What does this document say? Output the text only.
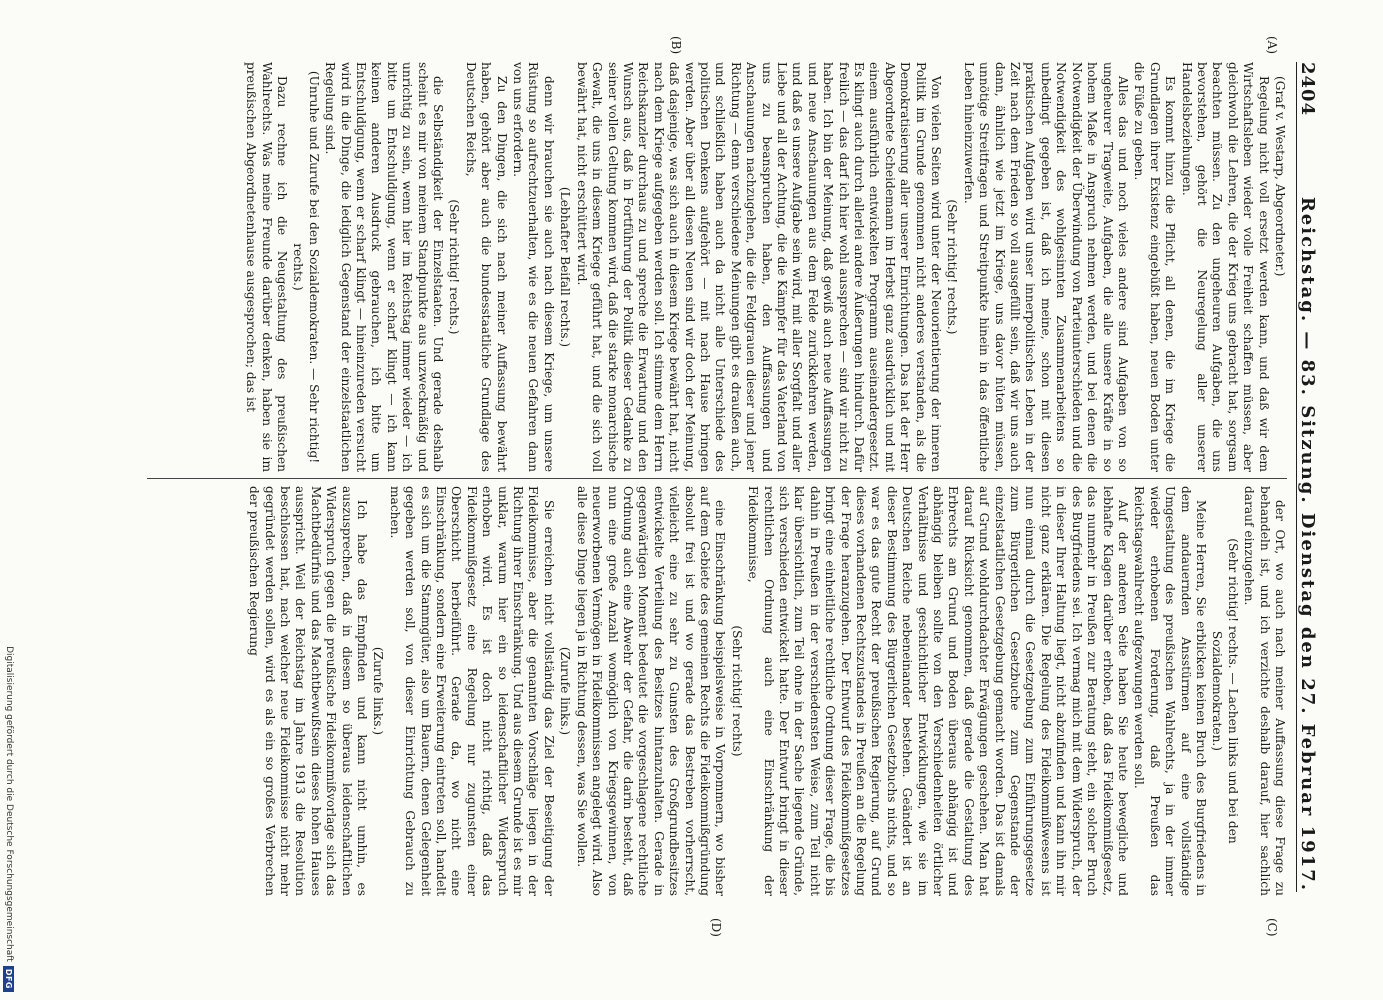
2404
Reichstag. — 83. Sitzung. Dienstag den 27. Februar 1917.
(A)
(B)
(C)
(D)

(Graf v. Westarp, Abgeordneter.)

Regelung nicht voll ersetzt werden kann, und daß wir dem Wirtschaftsleben wieder volle Freiheit schaffen müssen, aber gleichwohl die Lehren, die der Krieg uns gebracht hat, sorgsam beachten müssen. Zu den ungeheuren Aufgaben, die uns bevorstehen, gehört die Neuregelung aller unserer Handelsbeziehungen.

Es kommt hinzu die Pflicht, all denen, die im Kriege die Grundlagen ihrer Existenz eingebüßt haben, neuen Boden unter die Füße zu geben.

Alles das und noch vieles andere sind Aufgaben von so ungeheurer Tragweite, Aufgaben, die alle unsere Kräfte in so hohem Maße in Anspruch nehmen werden, und bei denen die Notwendigkeit der Überwindung von Parteiunterschieden und die Notwendigkeit des wohlgesinnten Zusammenarbeitens so unbedingt gegeben ist, daß ich meine, schon mit diesen praktischen Aufgaben wird unser innerpolitisches Leben in der Zeit nach dem Frieden so voll ausgefüllt sein, daß wir uns auch dann, ähnlich wie jetzt im Kriege, uns davor hüten müssen, unnötige Streitfragen und Streitpunkte hinein in das öffentliche Leben hineinzuwerfen.

(Sehr richtig! rechts.)

Von vielen Seiten wird unter der Neuorientierung der inneren Politik im Grunde genommen nicht anderes verstanden, als die Demokratisierung aller unserer Einrichtungen. Das hat der Herr Abgeordnete Scheidemann im Herbst ganz ausdrücklich und mit einem ausführlich entwickelten Programm auseinandergesetzt. Es klingt auch durch allerlei andere Äußerungen hindurch. Dafür freilich — das darf ich hier wohl aussprechen — sind wir nicht zu haben. Ich bin der Meinung, daß gewiß auch neue Auffassungen und neue Anschauungen aus dem Felde zurückkehren werden, und daß es unsere Aufgabe sein wird, mit aller Sorgfalt und aller Liebe und all der Achtung, die die Kämpfer für das Vaterland von uns zu beanspruchen haben, den Auffassungen und Anschauungen nachzugehen, die die Feldgrauen dieser und jener Richtung — denn verschiedene Meinungen gibt es draußen auch, und schließlich haben auch da nicht alle Unterschiede des politischen Denkens aufgehört — mit nach Hause bringen werden. Aber über all diesen Neuen sind wir doch der Meinung, daß dasjenige, was sich auch in diesem Kriege bewährt hat, nicht nach dem Kriege aufgegeben werden soll. Ich stimme dem Herrn Reichskanzler durchaus zu und spreche die Erwartung und den Wunsch aus, daß in Fortführung der Politik dieser Gedanke zu seiner vollen Geltung kommen wird, daß die starke monarchische Gewalt, die uns in diesem Kriege geführt hat, und die sich voll bewährt hat, nicht erschüttert wird.

(Lebhafter Beifall rechts.)

denn wir brauchen sie auch nach diesem Kriege, um unsere Rüstung so aufrechtzuerhalten, wie es die neuen Gefahren dann von uns erfordern.

Zu den Dingen, die sich nach meiner Auffassung bewährt haben, gehört aber auch die bundesstaatliche Grundlage des Deutschen Reichs,

(Sehr richtig! rechts.)

die Selbständigkeit der Einzelstaaten. Und gerade deshalb scheint es mir von meinem Standpunkte aus unzweckmäßig und unrichtig zu sein, wenn hier im Reichstag immer wieder — ich bitte um Entschuldigung, wenn er scharf klingt — ich kann keinen anderen Ausdruck gebrauchen, ich bitte um Entschuldigung, wenn er scharf klingt — hineinzureden versucht wird in die Dinge, die lediglich Gegenstand der einzelstaatlichen Regelung sind.

(Unruhe und Zurufe bei den Sozialdemokraten. — Sehr richtig! rechts.)

Dazu rechne ich die Neugestaltung des preußischen Wahlrechts. Was meine Freunde darüber denken, haben sie im preußischen Abgeordnetenhause ausgesprochen; das ist

der Ort, wo auch nach meiner Auffassung diese Frage zu behandeln ist, und ich verzichte deshalb darauf, hier sachlich darauf einzugehen.

(Sehr richtig! rechts. — Lachen links und bei den Sozialdemokraten.)

Meine Herren, Sie erblicken keinen Bruch des Burgfriedens in dem andauernden Ansstürmen auf eine vollständige Umgestaltung des preußischen Wahlrechts, ja in der immer wieder erhobenen Forderung, daß Preußen das Reichstagswahlrecht aufgezwungen werden soll.

Auf der anderen Seite haben Sie heute bewegliche und lebhafte Klagen darüber erhoben, daß das Fideikommißgesetz, das nunmehr in Preußen zur Beratung steht, ein solcher Bruch des Burgfriedens sei. Ich vermag mich mit dem Widerspruch, der in dieser Ihrer Haltung liegt, nicht abzufinden und kann ihn mir nicht ganz erklären. Die Regelung des Fideikommißwesens ist nun einmal durch die Gesetzgebung zum Einführungsgesetze zum Bürgerlichen Gesetzbuche zum Gegenstande der einzelstaatlichen Gesetzgebung gemacht worden. Das ist damals auf Grund wohldurchdachter Erwägungen geschehen. Man hat darauf Rücksicht genommen, daß gerade die Gestaltung des Erbrechts am Grund und Boden überaus abhängig ist und abhängig bleiben sollte von den Verschiedenheiten örtlicher Verhältnisse und geschichtlicher Entwicklungen, wie sie im Deutschen Reiche nebeneinander bestehen. Geändert ist an dieser Bestimmung des Bürgerlichen Gesetzbuchs nichts, und so war es das gute Recht der preußischen Regierung, auf Grund dieses vorhandenen Rechtszustandes in Preußen an die Regelung der Frage heranzugehen. Der Entwurf des Fideikommißgesetzes bringt eine einheitliche rechtliche Ordnung dieser Frage, die bis dahin in Preußen in der verschiedensten Weise, zum Teil nicht klar übersichtlich, zum Teil ohne in der Sache liegende Gründe, sich verschieden entwickelt hatte. Der Entwurf bringt in dieser rechtlichen Ordnung auch eine Einschränkung der Fideikommisse,

(Sehr richtig! rechts)

eine Einschränkung beispielsweise in Vorpommern, wo bisher auf dem Gebiete des gemeinen Rechts die Fideikommißgründung absolut frei ist und wo gerade das Bestreben vorherrscht, vielleicht eine zu sehr zu Gunsten des Großgrundbesitzes entwickelte Verteilung des Besitzes hintanzuhalten. Gerade in gegenwärtigen Moment bedeutet die vorgeschlagene rechtliche Ordnung auch eine Abwehr der Gefahr, die darin besteht, daß nun eine große Anzahl womöglich von Kriegsgewinnen, von neuerworbenen Vermögen in Fideikommissen angelegt wird. Also alle diese Dinge liegen ja in Richtung dessen, was Sie wollen.

(Zurufe links.)

Sie erreichen nicht vollständig das Ziel der Beseitigung der Fideikommisse, aber die genannten Vorschläge liegen in der Richtung ihrer Einschränkung. Und aus diesem Grunde ist es mir unklar, warum hier ein so leidenschaftlicher Widerspruch erhoben wird. Es ist doch nicht richtig, daß das Fideikommißgesetz eine Regelung nur zugunsten einer Oberschicht herbeiführt. Gerade da, wo nicht eine Einschränkung, sondern eine Erweiterung eintreten soll, handelt es sich um die Stammgüter, also um Bauern, denen Gelegenheit gegeben werden soll, von dieser Einrichtung Gebrauch zu machen.

(Zurufe links.)

Ich habe das Empfinden und kann nicht umhin, es auszusprechen, daß in diesem so überaus leidenschaftlichen Widerspruch gegen die preußische Fideikommißvorlage sich das Machtbedürfnis und das Machtbewußtsein dieses hohen Hauses ausspricht. Weil der Reichstag im Jahre 1913 die Resolution beschlossen hat, nach welcher neue Fideikommisse nicht mehr gegründet werden sollen, wird es als ein so großes Verbrechen der preußischen Regierung

Digitalisierung gefördert durch die Deutsche Forschungsgemeinschaft
DFG
